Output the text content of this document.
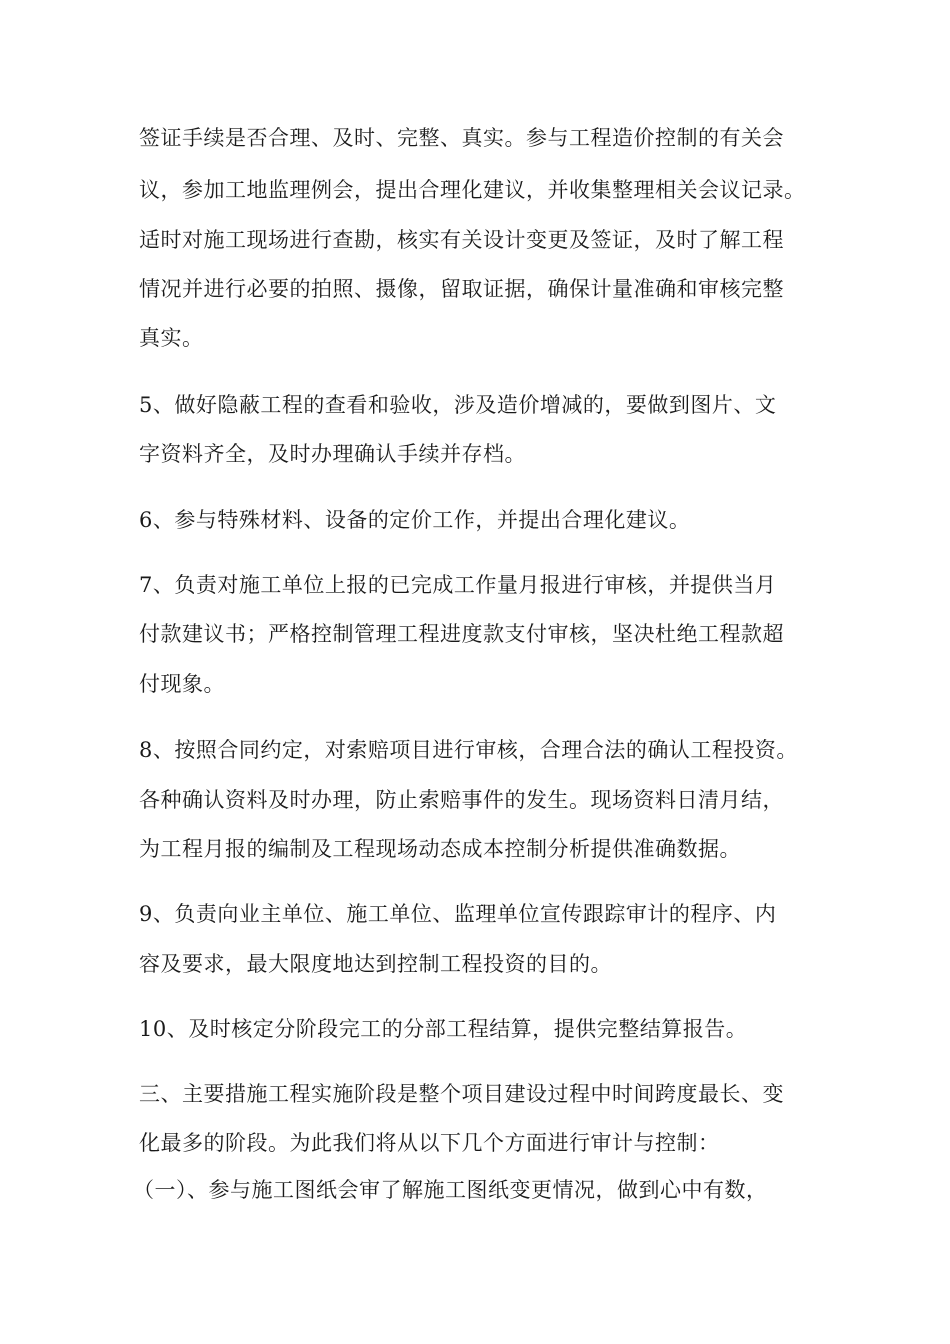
签证手续是否合理、及时、完整、真实。参与工程造价控制的有关会
议，参加工地监理例会，提出合理化建议，并收集整理相关会议记录。
适时对施工现场进行查勘，核实有关设计变更及签证，及时了解工程
情况并进行必要的拍照、摄像，留取证据，确保计量准确和审核完整
真实。
5、做好隐蔽工程的查看和验收，涉及造价增减的，要做到图片、文
字资料齐全，及时办理确认手续并存档。
6、参与特殊材料、设备的定价工作，并提出合理化建议。
7、负责对施工单位上报的已完成工作量月报进行审核，并提供当月
付款建议书；严格控制管理工程进度款支付审核，坚决杜绝工程款超
付现象。
8、按照合同约定，对索赔项目进行审核，合理合法的确认工程投资。
各种确认资料及时办理，防止索赔事件的发生。现场资料日清月结，
为工程月报的编制及工程现场动态成本控制分析提供准确数据。
9、负责向业主单位、施工单位、监理单位宣传跟踪审计的程序、内
容及要求，最大限度地达到控制工程投资的目的。
10、及时核定分阶段完工的分部工程结算，提供完整结算报告。
三、主要措施工程实施阶段是整个项目建设过程中时间跨度最长、变
化最多的阶段。为此我们将从以下几个方面进行审计与控制：
（一）、参与施工图纸会审了解施工图纸变更情况，做到心中有数，
